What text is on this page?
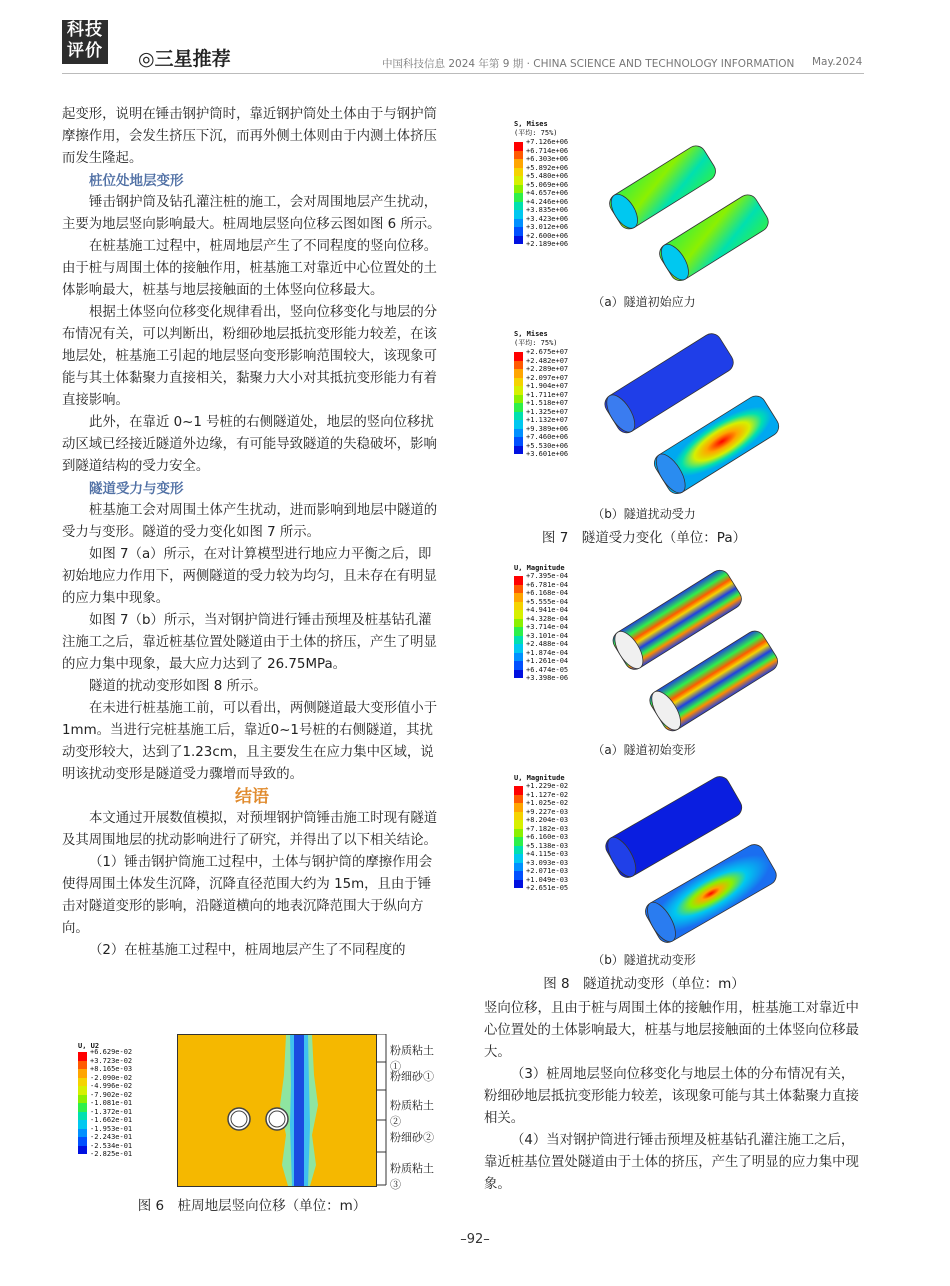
科技
评价 ◎三星推荐	中国科技信息 2024 年第 9 期 · CHINA SCIENCE AND TECHNOLOGY INFORMATION May.2024

起变形，说明在锤击钢护筒时，靠近钢护筒处土体由于与钢护筒摩擦作用，会发生挤压下沉，而再外侧土体则由于内测土体挤压而发生隆起。

桩位处地层变形

锤击钢护筒及钻孔灌注桩的施工，会对周围地层产生扰动，主要为地层竖向影响最大。桩周地层竖向位移云图如图 6 所示。

在桩基施工过程中，桩周地层产生了不同程度的竖向位移。由于桩与周围土体的接触作用，桩基施工对靠近中心位置处的土体影响最大，桩基与地层接触面的土体竖向位移最大。

根据土体竖向位移变化规律看出，竖向位移变化与地层的分布情况有关，可以判断出，粉细砂地层抵抗变形能力较差，在该地层处，桩基施工引起的地层竖向变形影响范围较大，该现象可能与其土体黏聚力直接相关，黏聚力大小对其抵抗变形能力有着直接影响。

此外，在靠近 0~1 号桩的右侧隧道处，地层的竖向位移扰动区域已经接近隧道外边缘，有可能导致隧道的失稳破坏，影响到隧道结构的受力安全。

隧道受力与变形

桩基施工会对周围土体产生扰动，进而影响到地层中隧道的受力与变形。隧道的受力变化如图 7 所示。

如图 7（a）所示，在对计算模型进行地应力平衡之后，即初始地应力作用下，两侧隧道的受力较为均匀，且未存在有明显的应力集中现象。

如图 7（b）所示，当对钢护筒进行锤击预埋及桩基钻孔灌注施工之后，靠近桩基位置处隧道由于土体的挤压，产生了明显的应力集中现象，最大应力达到了 26.75MPa。

隧道的扰动变形如图 8 所示。

在未进行桩基施工前，可以看出，两侧隧道最大变形值小于1mm。当进行完桩基施工后，靠近0~1号桩的右侧隧道，其扰动变形较大，达到了1.23cm，且主要发生在应力集中区域，说明该扰动变形是隧道受力骤增而导致的。

结语

本文通过开展数值模拟，对预埋钢护筒锤击施工时现有隧道及其周围地层的扰动影响进行了研究，并得出了以下相关结论。

（1）锤击钢护筒施工过程中，土体与钢护筒的摩擦作用会使得周围土体发生沉降，沉降直径范围大约为 15m，且由于锤击对隧道变形的影响，沿隧道横向的地表沉降范围大于纵向方向。

（2）在桩基施工过程中，桩周地层产生了不同程度的

U, U2
+6.629e-02
+3.723e-02
+8.165e-03
-2.090e-02
-4.996e-02
-7.902e-02
-1.081e-01
-1.372e-01
-1.662e-01
-1.953e-01
-2.243e-01
-2.534e-01
-2.825e-01
粉质粘土①
粉细砂①
粉质粘土②
粉细砂②
粉质粘土③
图 6　桩周地层竖向位移（单位：m）
S, Mises
(平均: 75%)
+7.126e+06
+6.714e+06
+6.303e+06
+5.892e+06
+5.480e+06
+5.069e+06
+4.657e+06
+4.246e+06
+3.835e+06
+3.423e+06
+3.012e+06
+2.600e+06
+2.189e+06
（a）隧道初始应力
S, Mises
(平均: 75%)
+2.675e+07
+2.482e+07
+2.289e+07
+2.097e+07
+1.904e+07
+1.711e+07
+1.518e+07
+1.325e+07
+1.132e+07
+9.389e+06
+7.460e+06
+5.530e+06
+3.601e+06
（b）隧道扰动受力
图 7　隧道受力变化（单位：Pa）
U, Magnitude
+7.395e-04
+6.781e-04
+6.168e-04
+5.555e-04
+4.941e-04
+4.328e-04
+3.714e-04
+3.101e-04
+2.488e-04
+1.874e-04
+1.261e-04
+6.474e-05
+3.398e-06
（a）隧道初始变形
U, Magnitude
+1.229e-02
+1.127e-02
+1.025e-02
+9.227e-03
+8.204e-03
+7.182e-03
+6.160e-03
+5.138e-03
+4.115e-03
+3.093e-03
+2.071e-03
+1.049e-03
+2.651e-05
（b）隧道扰动变形
图 8　隧道扰动变形（单位：m）

竖向位移，且由于桩与周围土体的接触作用，桩基施工对靠近中心位置处的土体影响最大，桩基与地层接触面的土体竖向位移最大。

（3）桩周地层竖向位移变化与地层土体的分布情况有关，粉细砂地层抵抗变形能力较差，该现象可能与其土体黏聚力直接相关。

（4）当对钢护筒进行锤击预埋及桩基钻孔灌注施工之后，靠近桩基位置处隧道由于土体的挤压，产生了明显的应力集中现象。

–92–
